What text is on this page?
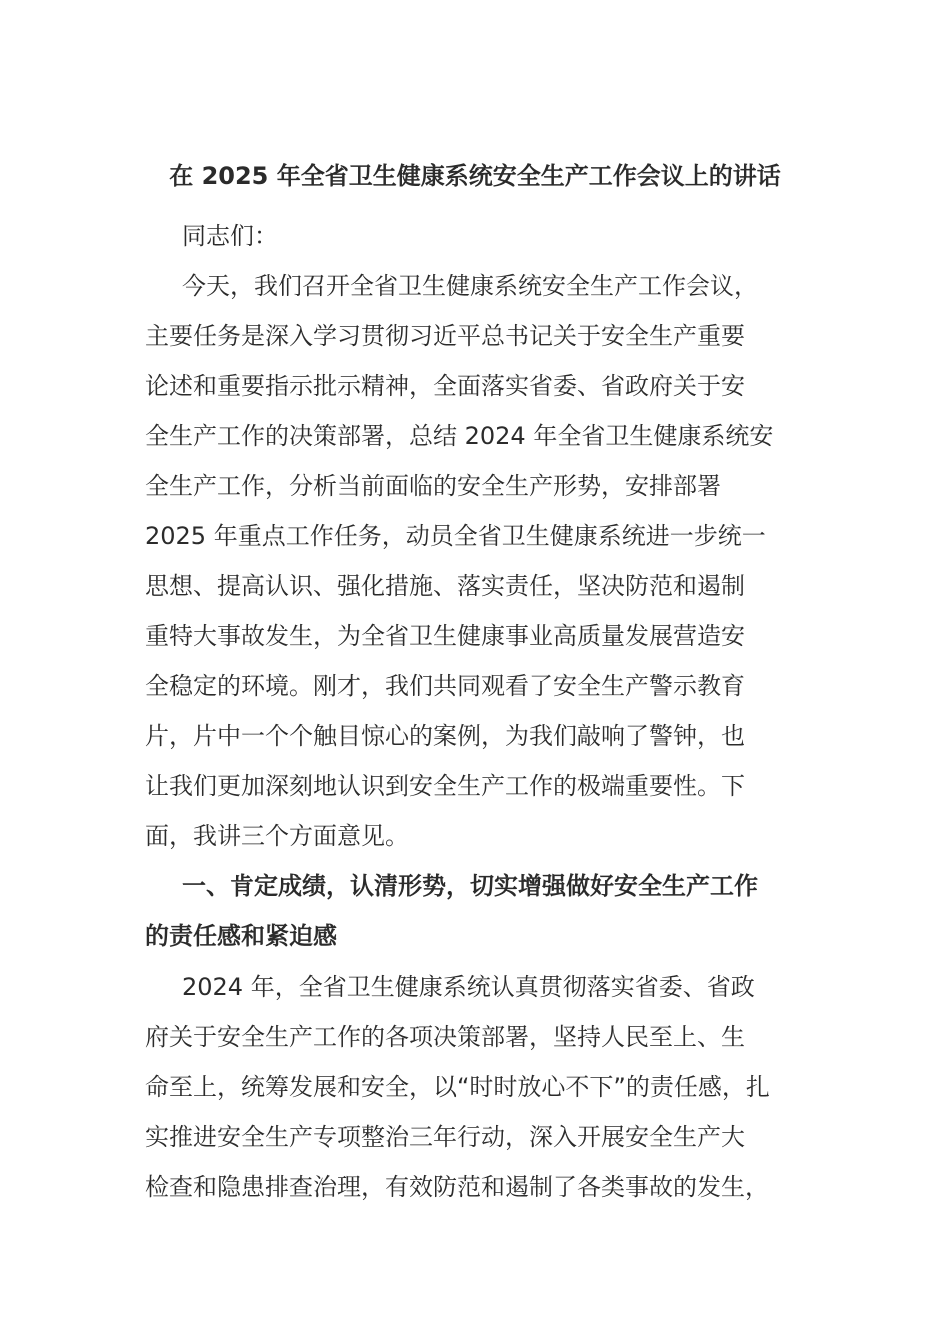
在 2025 年全省卫生健康系统安全生产工作会议上的讲话
同志们：
今天，我们召开全省卫生健康系统安全生产工作会议，
主要任务是深入学习贯彻习近平总书记关于安全生产重要
论述和重要指示批示精神，全面落实省委、省政府关于安
全生产工作的决策部署，总结 2024 年全省卫生健康系统安
全生产工作，分析当前面临的安全生产形势，安排部署
2025 年重点工作任务，动员全省卫生健康系统进一步统一
思想、提高认识、强化措施、落实责任，坚决防范和遏制
重特大事故发生，为全省卫生健康事业高质量发展营造安
全稳定的环境。刚才，我们共同观看了安全生产警示教育
片，片中一个个触目惊心的案例，为我们敲响了警钟，也
让我们更加深刻地认识到安全生产工作的极端重要性。下
面，我讲三个方面意见。
一、肯定成绩，认清形势，切实增强做好安全生产工作
的责任感和紧迫感
2024 年，全省卫生健康系统认真贯彻落实省委、省政
府关于安全生产工作的各项决策部署，坚持人民至上、生
命至上，统筹发展和安全，以“时时放心不下”的责任感，扎
实推进安全生产专项整治三年行动，深入开展安全生产大
检查和隐患排查治理，有效防范和遏制了各类事故的发生，
